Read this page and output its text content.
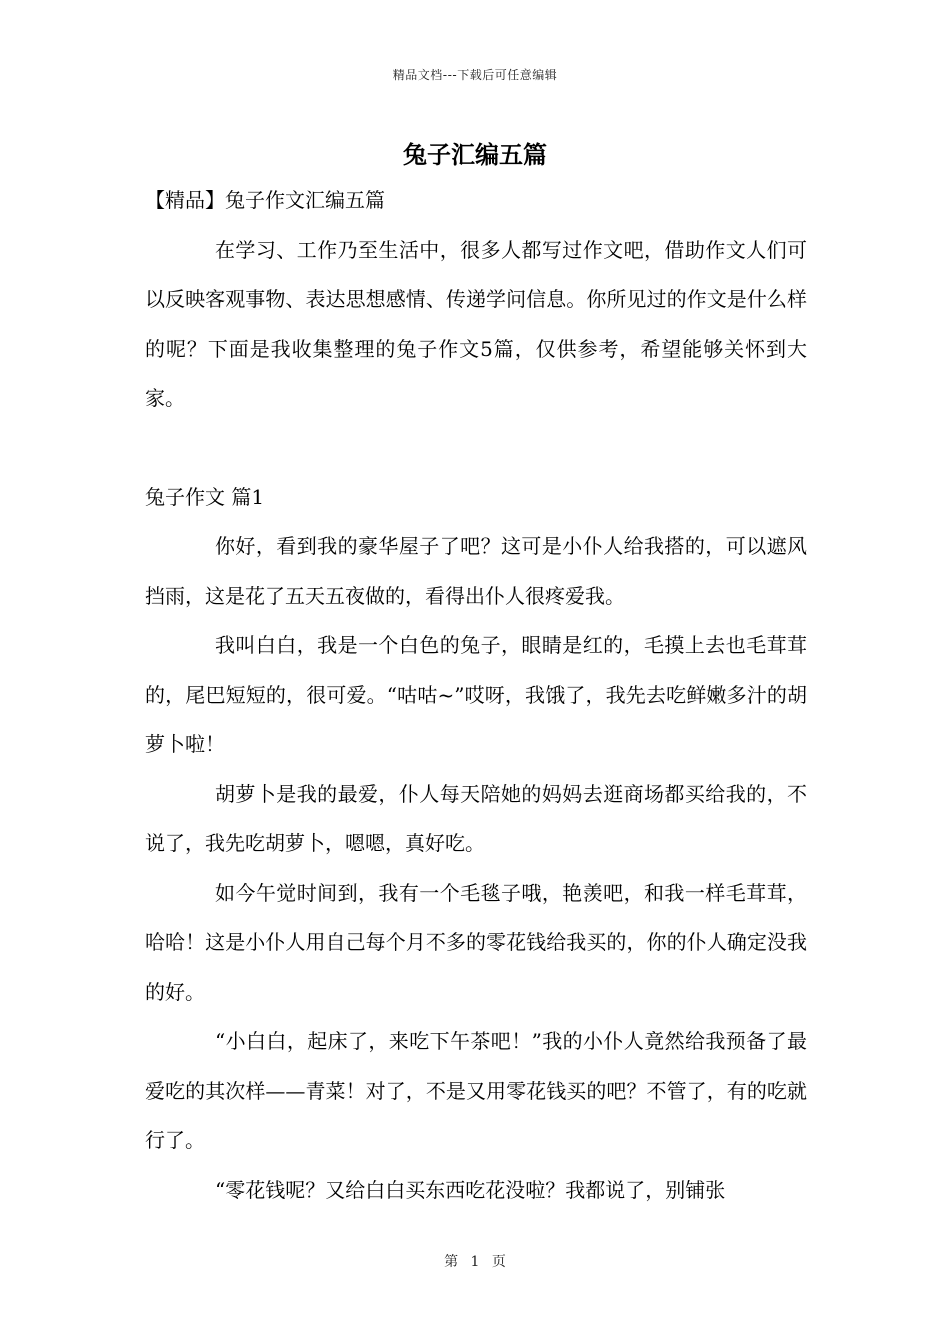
精品文档---下载后可任意编辑
兔子汇编五篇

【精品】兔子作文汇编五篇

在学习、工作乃至生活中，很多人都写过作文吧，借助作文人们可以反映客观事物、表达思想感情、传递学问信息。你所见过的作文是什么样的呢？下面是我收集整理的兔子作文5篇，仅供参考，希望能够关怀到大家。

兔子作文 篇1

你好，看到我的豪华屋子了吧？这可是小仆人给我搭的，可以遮风挡雨，这是花了五天五夜做的，看得出仆人很疼爱我。

我叫白白，我是一个白色的兔子，眼睛是红的，毛摸上去也毛茸茸的，尾巴短短的，很可爱。“咕咕~”哎呀，我饿了，我先去吃鲜嫩多汁的胡萝卜啦！

胡萝卜是我的最爱，仆人每天陪她的妈妈去逛商场都买给我的，不说了，我先吃胡萝卜，嗯嗯，真好吃。

如今午觉时间到，我有一个毛毯子哦，艳羡吧，和我一样毛茸茸，哈哈！这是小仆人用自己每个月不多的零花钱给我买的，你的仆人确定没我的好。

“小白白，起床了，来吃下午茶吧！”我的小仆人竟然给我预备了最爱吃的其次样——青菜！对了，不是又用零花钱买的吧？不管了，有的吃就行了。

“零花钱呢？又给白白买东西吃花没啦？我都说了，别铺张

第 1 页
